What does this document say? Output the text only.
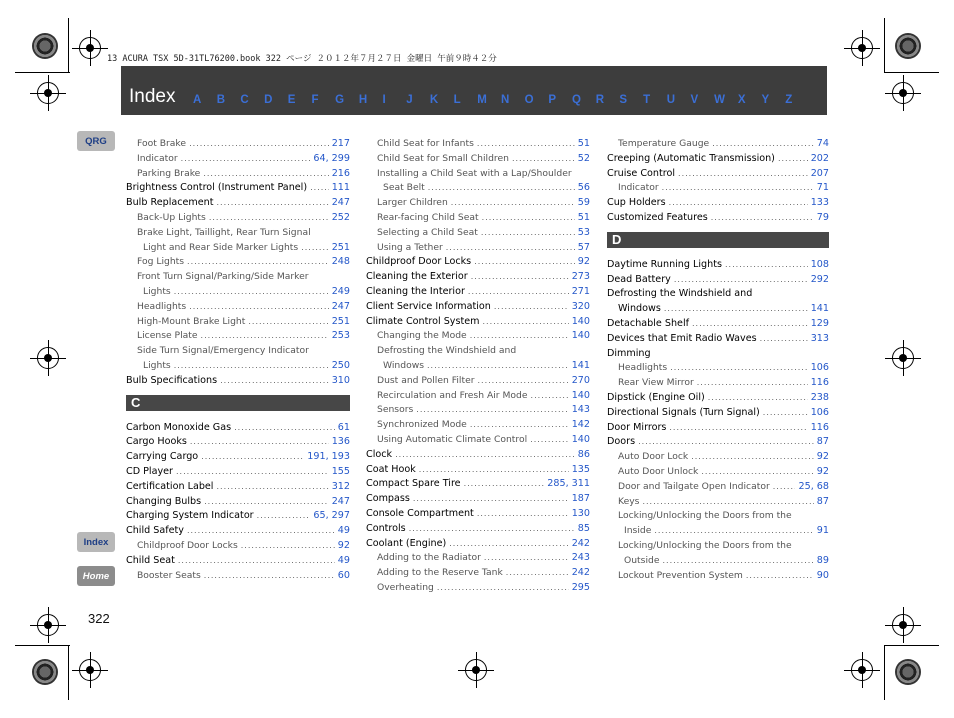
13 ACURA TSX 5D-31TL76200.book 322 ページ ２０１２年７月２７日 金曜日 午前９時４２分
Index A	B	C	D	E	F	G	H	I	J	K	L	M	N	O	P	Q	R	S	T	U	V	W	X	Y	Z
QRG
Index
Home
322
Foot Brake .....	217
Indicator .....	64, 299
Parking Brake .....	216
Brightness Control (Instrument Panel) .....	111
Bulb Replacement .....	247
Back-Up Lights .....	252
Brake Light, Taillight, Rear Turn Signal
Light and Rear Side Marker Lights .....	251
Fog Lights .....	248
Front Turn Signal/Parking/Side Marker
Lights .....	249
Headlights .....	247
High-Mount Brake Light .....	251
License Plate .....	253
Side Turn Signal/Emergency Indicator
Lights .....	250
Bulb Specifications .....	310
C
Carbon Monoxide Gas .....	61
Cargo Hooks .....	136
Carrying Cargo .....	191, 193
CD Player .....	155
Certification Label .....	312
Changing Bulbs .....	247
Charging System Indicator .....	65, 297
Child Safety .....	49
Childproof Door Locks .....	92
Child Seat .....	49
Booster Seats .....	60
Child Seat for Infants .....	51
Child Seat for Small Children .....	52
Installing a Child Seat with a Lap/Shoulder
Seat Belt .....	56
Larger Children .....	59
Rear-facing Child Seat .....	51
Selecting a Child Seat .....	53
Using a Tether .....	57
Childproof Door Locks .....	92
Cleaning the Exterior .....	273
Cleaning the Interior .....	271
Client Service Information .....	320
Climate Control System .....	140
Changing the Mode .....	140
Defrosting the Windshield and
Windows .....	141
Dust and Pollen Filter .....	270
Recirculation and Fresh Air Mode .....	140
Sensors .....	143
Synchronized Mode .....	142
Using Automatic Climate Control .....	140
Clock .....	86
Coat Hook .....	135
Compact Spare Tire .....	285, 311
Compass .....	187
Console Compartment .....	130
Controls .....	85
Coolant (Engine) .....	242
Adding to the Radiator .....	243
Adding to the Reserve Tank .....	242
Overheating .....	295
Temperature Gauge .....	74
Creeping (Automatic Transmission) .....	202
Cruise Control .....	207
Indicator .....	71
Cup Holders .....	133
Customized Features .....	79
D
Daytime Running Lights .....	108
Dead Battery .....	292
Defrosting the Windshield and
Windows .....	141
Detachable Shelf .....	129
Devices that Emit Radio Waves .....	313
Dimming
Headlights .....	106
Rear View Mirror .....	116
Dipstick (Engine Oil) .....	238
Directional Signals (Turn Signal) .....	106
Door Mirrors .....	116
Doors .....	87
Auto Door Lock .....	92
Auto Door Unlock .....	92
Door and Tailgate Open Indicator .....	25, 68
Keys .....	87
Locking/Unlocking the Doors from the
Inside .....	91
Locking/Unlocking the Doors from the
Outside .....	89
Lockout Prevention System .....	90
